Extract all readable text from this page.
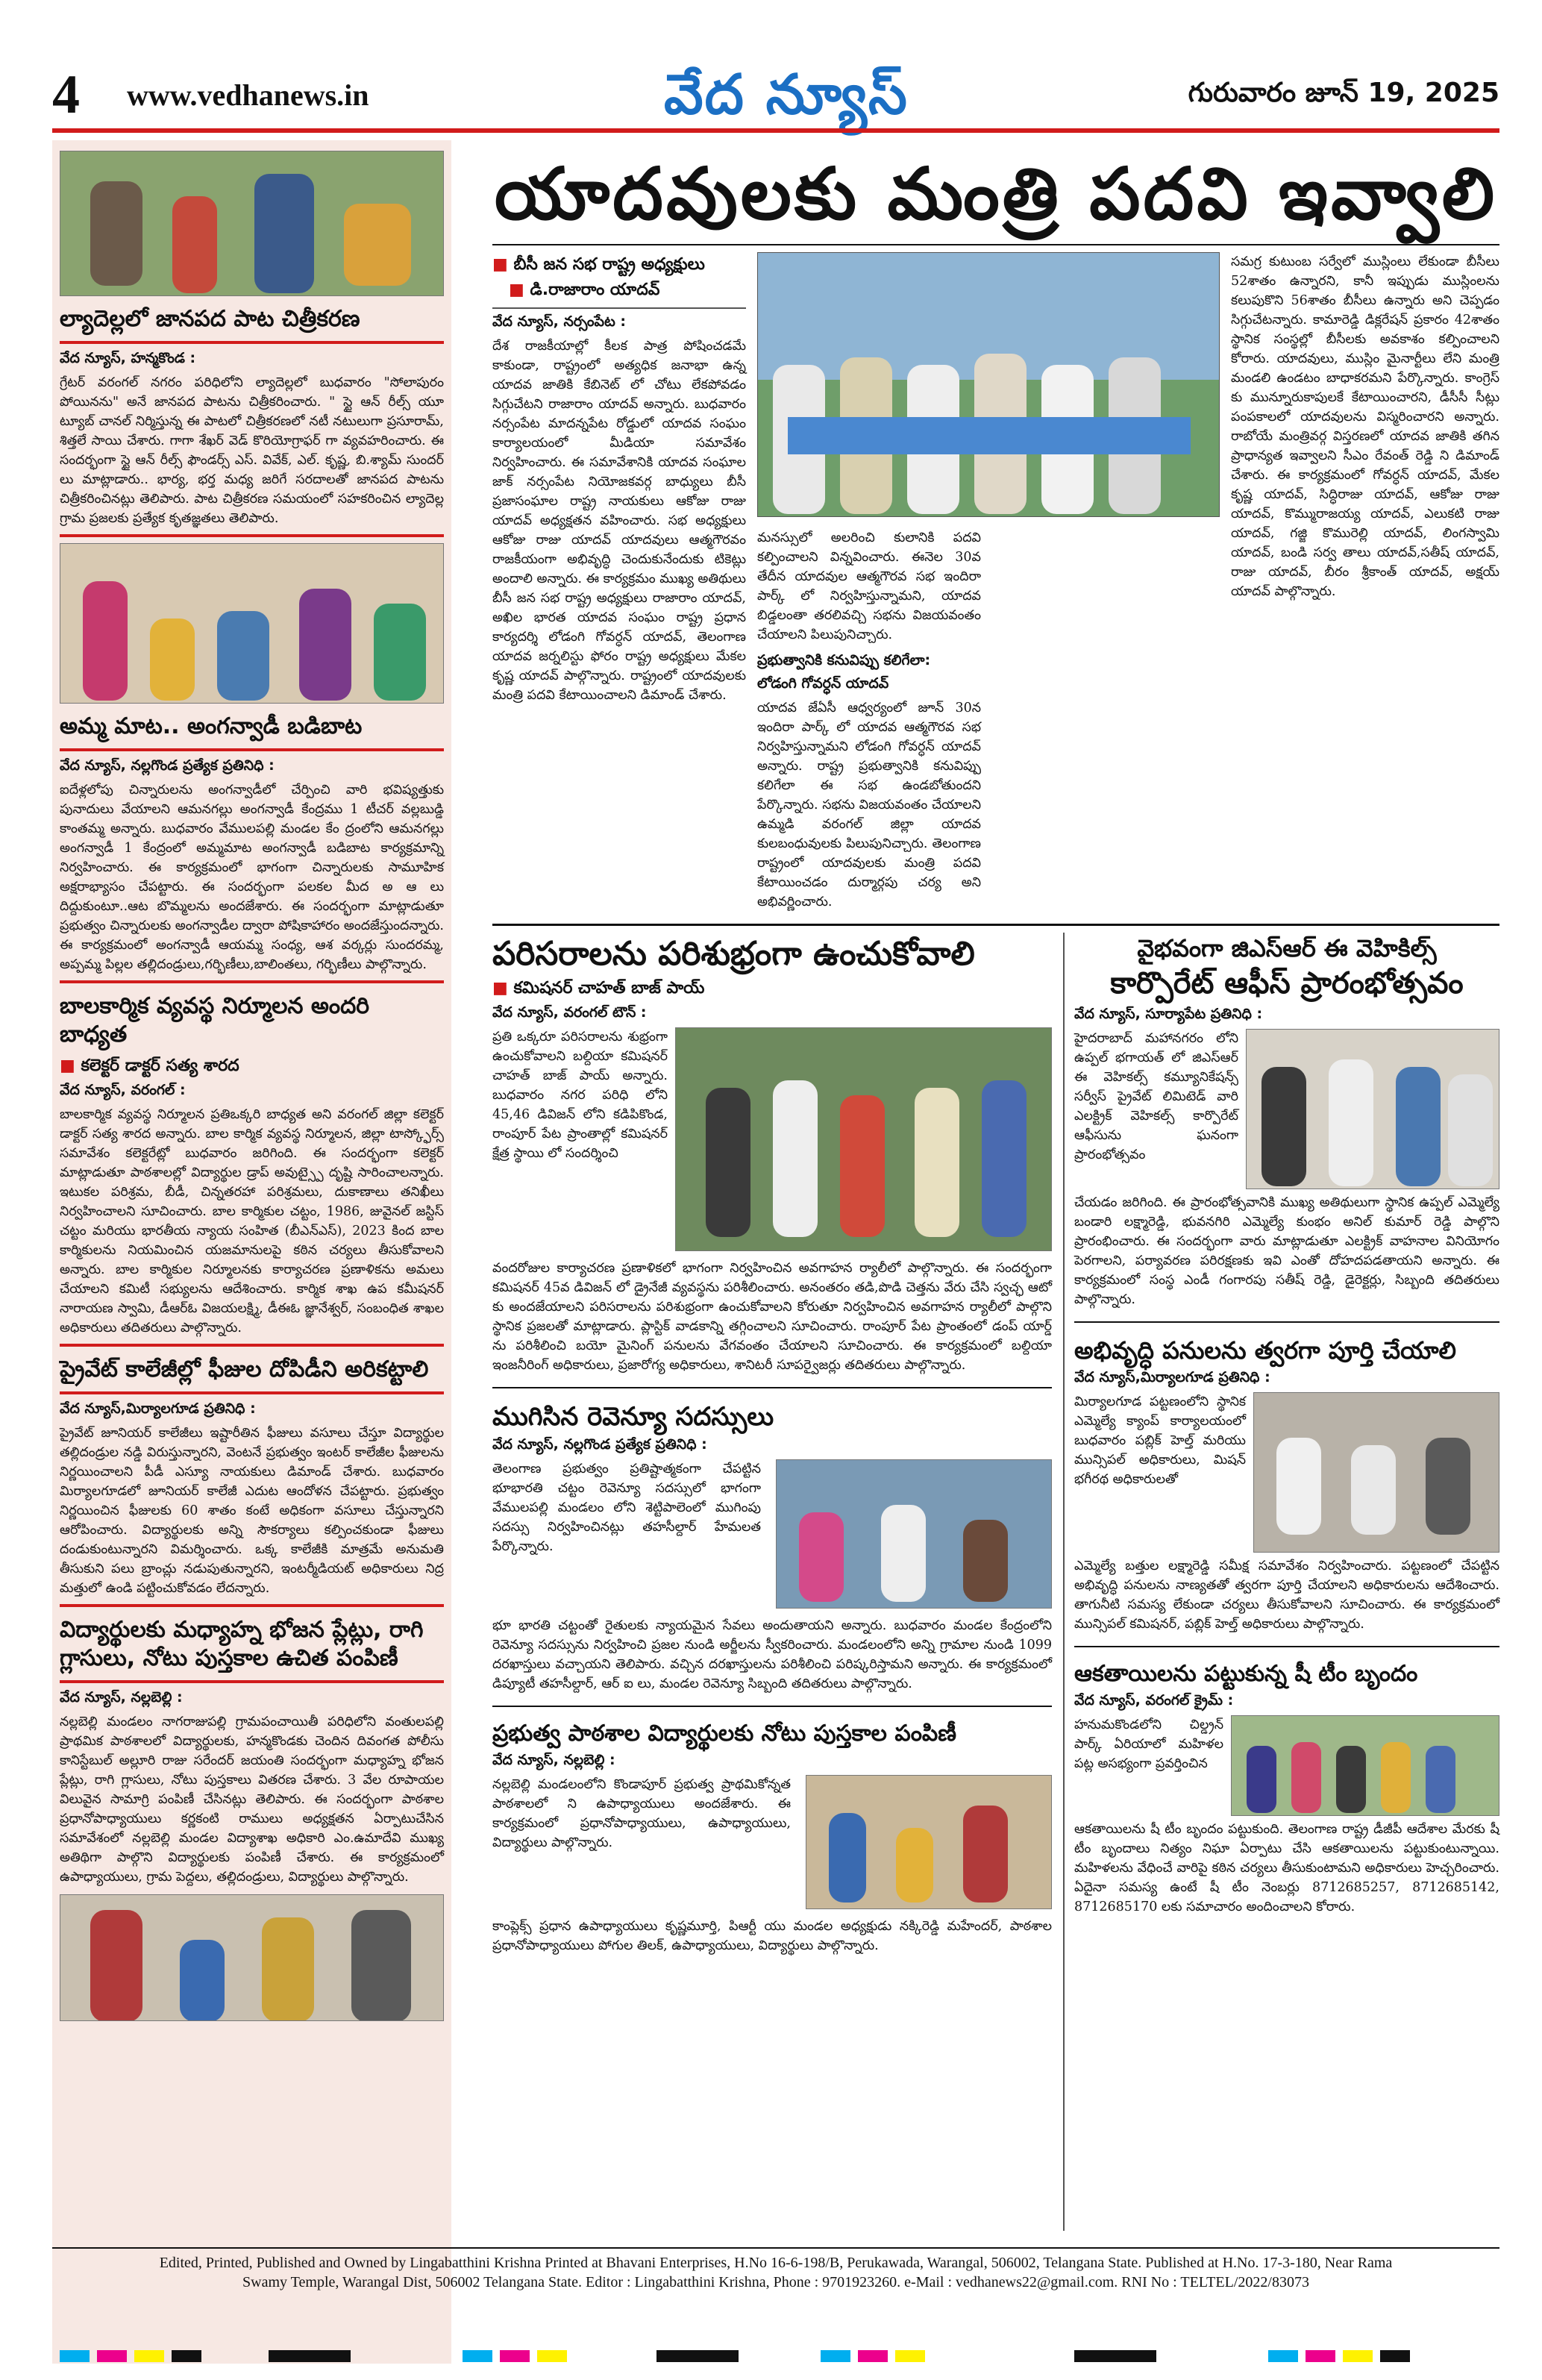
4 www.vedhanews.in	వేద న్యూస్	గురువారం జూన్ 19, 2025
ల్యాదెల్లలో జానపద పాట చిత్రీకరణ
వేద న్యూస్, హన్మకొండ :
గ్రేటర్ వరంగల్ నగరం పరిధిలోని ల్యాదెల్లలో బుధవారం "సోలాపురం పోయినను" అనే జానపద పాటను చిత్రీకరించారు. " స్టై ఆన్ రీల్స్ యూ ట్యూబ్ చానల్ నిర్మిస్తున్న ఈ పాటలో చిత్రీకరణలో నటీ నటులుగా ప్రసూరామ్, శిత్తలే సాయి చేశారు. గాగా శేఖర్ వెడ్ కొరియోగ్రాఫర్ గా వ్యవహరించారు. ఈ సందర్భంగా స్టై ఆన్ రీల్స్ ఫౌండర్స్ ఎస్. వివేక్, ఎల్. కృష్ణ, బి.శ్యామ్ సుందర్ లు మాట్లాడారు.. భార్య, భర్త మధ్య జరిగే సరదాలతో జానపద పాటను చిత్రీకరించినట్లు తెలిపారు. పాట చిత్రీకరణ సమయంలో సహకరించిన ల్యాదెల్ల గ్రామ ప్రజలకు ప్రత్యేక కృతజ్ఞతలు తెలిపారు.
అమ్మ మాట.. అంగన్వాడీ బడిబాట
వేద న్యూస్, నల్లగొండ ప్రత్యేక ప్రతినిధి :
ఐదేళ్లలోపు చిన్నారులను అంగన్వాడీలో చేర్పించి వారి భవిష్యత్తుకు పునాదులు వేయాలని ఆమనగల్లు అంగన్వాడీ కేంద్రము 1 టీచర్ వల్లబుడ్డి కాంతమ్మ అన్నారు. బుధవారం వేములపల్లి మండల కేం ద్రంలోని ఆమనగల్లు అంగన్వాడీ 1 కేంద్రంలో అమ్మమాట అంగన్వాడీ బడిబాట కార్యక్రమాన్ని నిర్వహించారు. ఈ కార్యక్రమంలో భాగంగా చిన్నారులకు సామూహిక అక్షరాభ్యాసం చేపట్టారు. ఈ సందర్భంగా పలకల మీద అ ఆ లు దిద్దుకుంటూ..ఆట బొమ్మలను అందజేశారు. ఈ సందర్భంగా మాట్లాడుతూ ప్రభుత్వం చిన్నారులకు అంగన్వాడీల ద్వారా పోషికాహారం అందజేస్తుందన్నారు. ఈ కార్యక్రమంలో అంగన్వాడీ ఆయమ్మ సంధ్య, ఆశ వర్కర్లు సుందరమ్మ, అప్పమ్మ పిల్లల తల్లిదండ్రులు,గర్భిణీలు,బాలింతలు, గర్భిణీలు పాల్గొన్నారు.
బాలకార్మిక వ్యవస్థ నిర్మూలన అందరి బాధ్యత
■ కలెక్టర్ డాక్టర్ సత్య శారద
వేద న్యూస్, వరంగల్ :
బాలకార్మిక వ్యవస్థ నిర్మూలన ప్రతిఒక్కరి బాధ్యత అని వరంగల్ జిల్లా కలెక్టర్ డాక్టర్ సత్య శారద అన్నారు. బాల కార్మిక వ్యవస్థ నిర్మూలన, జిల్లా టాస్క్ఫోర్స్ సమావేశం కలెక్టరేట్లో బుధవారం జరిగింది. ఈ సందర్భంగా కలెక్టర్ మాట్లాడుతూ పాఠశాలల్లో విద్యార్థుల డ్రాప్ అవుట్స్పై దృష్టి సారించాలన్నారు. ఇటుకల పరిశ్రమ, బీడీ, చిన్నతరహా పరిశ్రమలు, దుకాణాలు తనిఖీలు నిర్వహించాలని సూచించారు. బాల కార్మికుల చట్టం, 1986, జువైనల్ జస్టిస్ చట్టం మరియు భారతీయ న్యాయ సంహిత (బీఎన్ఎస్), 2023 కింద బాల కార్మికులను నియమించిన యజమానులపై కఠిన చర్యలు తీసుకోవాలని అన్నారు. బాల కార్మికుల నిర్మూలనకు కార్యాచరణ ప్రణాళికను అమలు చేయాలని కమిటీ సభ్యులను ఆదేశించారు. కార్మిక శాఖ ఉప కమీషనర్ నారాయణ స్వామి, డీఆర్ఓ విజయలక్ష్మి, డీఈఓ జ్ఞానేశ్వర్, సంబంధిత శాఖల అధికారులు తదితరులు పాల్గొన్నారు.
ప్రైవేట్ కాలేజీల్లో ఫీజుల దోపిడీని అరికట్టాలి
వేద న్యూస్,మిర్యాలగూడ ప్రతినిధి :
ప్రైవేట్ జూనియర్ కాలేజీలు ఇష్టారీతిన ఫీజులు వసూలు చేస్తూ విద్యార్థుల తల్లిదండ్రుల నడ్డి విరుస్తున్నారని, వెంటనే ప్రభుత్వం ఇంటర్ కాలేజీల ఫీజులను నిర్ణయించాలని పీడీ ఎస్యూ నాయకులు డిమాండ్ చేశారు. బుధవారం మిర్యాలగూడలో జూనియర్ కాలేజీ ఎదుట ఆందోళన చేపట్టారు. ప్రభుత్వం నిర్ణయించిన ఫీజులకు 60 శాతం కంటే అధికంగా వసూలు చేస్తున్నారని ఆరోపించారు. విద్యార్థులకు అన్ని సౌకర్యాలు కల్పించకుండా ఫీజులు దండుకుంటున్నారని విమర్శించారు. ఒక్క కాలేజీకి మాత్రమే అనుమతి తీసుకుని పలు బ్రాంచ్లు నడుపుతున్నారని, ఇంటర్మీడియట్ అధికారులు నిద్ర మత్తులో ఉండి పట్టించుకోవడం లేదన్నారు.
విద్యార్థులకు మధ్యాహ్న భోజన ప్లేట్లు, రాగి గ్లాసులు, నోటు పుస్తకాల ఉచిత పంపిణీ
వేద న్యూస్, నల్లబెల్లి :
నల్లబెల్లి మండలం నాగరాజుపల్లి గ్రామపంచాయితీ పరిధిలోని వంతులపల్లి ప్రాథమిక పాఠశాలలో విద్యార్థులకు, హన్మకొండకు చెందిన దివంగత పోలీసు కానిస్టేబుల్ అల్లూరి రాజు సరేందర్ జయంతి సందర్భంగా మధ్యాహ్న భోజన ప్లేట్లు, రాగి గ్లాసులు, నోటు పుస్తకాలు వితరణ చేశారు. 3 వేల రూపాయల విలువైన సామాగ్రి పంపిణీ చేసినట్లు తెలిపారు. ఈ సందర్భంగా పాఠశాల ప్రధానోపాధ్యాయులు కర్ణకంటి రాములు అధ్యక్షతన ఏర్పాటుచేసిన సమావేశంలో నల్లబెల్లి మండల విద్యాశాఖ అధికారి ఎం.ఉమాదేవి ముఖ్య అతిథిగా పాల్గొని విద్యార్థులకు పంపిణీ చేశారు. ఈ కార్యక్రమంలో ఉపాధ్యాయులు, గ్రామ పెద్దలు, తల్లిదండ్రులు, విద్యార్థులు పాల్గొన్నారు.
యాదవులకు మంత్రి పదవి ఇవ్వాలి
■ బీసీ జన సభ రాష్ట్ర అధ్యక్షులు
■ డి.రాజారాం యాదవ్
వేద న్యూస్, నర్సంపేట :
దేశ రాజకీయాల్లో కీలక పాత్ర పోషించడమే కాకుండా, రాష్ట్రంలో అత్యధిక జనాభా ఉన్న యాదవ జాతికి కేబినెట్ లో చోటు లేకపోవడం సిగ్గుచేటని రాజారాం యాదవ్ అన్నారు. బుధవారం నర్సంపేట మాదన్నపేట రోడ్డులో యాదవ సంఘం కార్యాలయంలో మీడియా సమావేశం నిర్వహించారు. ఈ సమావేశానికి యాదవ సంఘాల జాక్ నర్సంపేట నియోజకవర్గ బాధ్యులు బీసీ ప్రజాసంఘాల రాష్ట్ర నాయకులు ఆకోజు రాజు యాదవ్ అధ్యక్షతన వహించారు. సభ అధ్యక్షులు ఆకోజు రాజు యాదవ్ యాదవులు ఆత్మగౌరవం రాజకీయంగా అభివృద్ధి చెందుకునేందుకు టికెట్లు అందాలి అన్నారు. ఈ కార్యక్రమం ముఖ్య అతిథులు బీసీ జన సభ రాష్ట్ర అధ్యక్షులు రాజారాం యాదవ్, అఖిల భారత యాదవ సంఘం రాష్ట్ర ప్రధాన కార్యదర్శి లోడంగి గోవర్ధన్ యాదవ్, తెలంగాణ యాదవ జర్నలిస్టు ఫోరం రాష్ట్ర అధ్యక్షులు మేకల కృష్ణ యాదవ్ పాల్గొన్నారు. రాష్ట్రంలో యాదవులకు మంత్రి పదవి కేటాయించాలని డిమాండ్ చేశారు.
మనస్సులో అలరించి కులానికి పదవి కల్పించాలని విన్నవించారు. ఈనెల 30వ తేదీన యాదవుల ఆత్మగౌరవ సభ ఇందిరా పార్క్ లో నిర్వహిస్తున్నామని, యాదవ బిడ్డలంతా తరలివచ్చి సభను విజయవంతం చేయాలని పిలుపునిచ్చారు.
ప్రభుత్వానికి కనువిప్పు కలిగేలా:
లోడంగి గోవర్ధన్ యాదవ్
యాదవ జేఏసీ ఆధ్వర్యంలో జూన్ 30న ఇందిరా పార్క్ లో యాదవ ఆత్మగౌరవ సభ నిర్వహిస్తున్నామని లోడంగి గోవర్ధన్ యాదవ్ అన్నారు. రాష్ట్ర ప్రభుత్వానికి కనువిప్పు కలిగేలా ఈ సభ ఉండబోతుందని పేర్కొన్నారు. సభను విజయవంతం చేయాలని ఉమ్మడి వరంగల్ జిల్లా యాదవ కులబంధువులకు పిలుపునిచ్చారు. తెలంగాణ రాష్ట్రంలో యాదవులకు మంత్రి పదవి కేటాయించడం దుర్మార్గపు చర్య అని అభివర్ణించారు.
సమగ్ర కుటుంబ సర్వేలో ముస్లింలు లేకుండా బీసీలు 52శాతం ఉన్నారని, కానీ ఇప్పుడు ముస్లింలను కలుపుకొని 56శాతం బీసీలు ఉన్నారు అని చెప్పడం సిగ్గుచేటన్నారు. కామారెడ్డి డిక్లరేషన్ ప్రకారం 42శాతం స్థానిక సంస్థల్లో బీసీలకు అవకాశం కల్పించాలని కోరారు. యాదవులు, ముస్లిం మైనార్టీలు లేని మంత్రి మండలి ఉండటం బాధాకరమని పేర్కొన్నారు. కాంగ్రెస్ కు మున్నూరుకాపులకే కేటాయించారని, డీసీసీ సీట్లు పంపకాలలో యాదవులను విస్మరించారని అన్నారు. రాబోయే మంత్రివర్గ విస్తరణలో యాదవ జాతికి తగిన ప్రాధాన్యత ఇవ్వాలని సీఎం రేవంత్ రెడ్డి ని డిమాండ్ చేశారు. ఈ కార్యక్రమంలో గోవర్ధన్ యాదవ్, మేకల కృష్ణ యాదవ్, సిద్ధిరాజు యాదవ్, ఆకోజు రాజు యాదవ్, కొమ్మురాజయ్య యాదవ్, ఎలుకటి రాజు యాదవ్, గజ్జి కొమురెల్లి యాదవ్, లింగస్వామి యాదవ్, బండి సర్వ తాలు యాదవ్,సతీష్ యాదవ్, రాజు యాదవ్, బీరం శ్రీకాంత్ యాదవ్, అక్షయ్ యాదవ్ పాల్గొన్నారు.
పరిసరాలను పరిశుభ్రంగా ఉంచుకోవాలి
■ కమిషనర్ చాహత్ బాజ్ పాయ్
వేద న్యూస్, వరంగల్ టౌన్ :
ప్రతి ఒక్కరూ పరిసరాలను శుభ్రంగా ఉంచుకోవాలని బల్దియా కమిషనర్ చాహత్ బాజ్ పాయ్ అన్నారు. బుధవారం నగర పరిధి లోని 45,46 డివిజన్ లోని కడిపికొండ, రాంపూర్ పేట ప్రాంతాల్లో కమిషనర్ క్షేత్ర స్థాయి లో సందర్శించి
వందరోజుల కార్యాచరణ ప్రణాళికలో భాగంగా నిర్వహించిన అవగాహన ర్యాలీలో పాల్గొన్నారు. ఈ సందర్భంగా కమిషనర్ 45వ డివిజన్ లో డ్రైనేజీ వ్యవస్థను పరిశీలించారు. అనంతరం తడి,పొడి చెత్తను వేరు చేసి స్వచ్ఛ ఆటో కు అందజేయాలని పరిసరాలను పరిశుభ్రంగా ఉంచుకోవాలని కోరుతూ నిర్వహించిన అవగాహన ర్యాలీలో పాల్గొని స్థానిక ప్రజలతో మాట్లాడారు. ప్లాస్టిక్ వాడకాన్ని తగ్గించాలని సూచించారు. రాంపూర్ పేట ప్రాంతంలో డంప్ యార్డ్ ను పరిశీలించి బయో మైనింగ్ పనులను వేగవంతం చేయాలని సూచించారు. ఈ కార్యక్రమంలో బల్దియా ఇంజనీరింగ్ అధికారులు, ప్రజారోగ్య అధికారులు, శానిటరీ సూపర్వైజర్లు తదితరులు పాల్గొన్నారు.
ముగిసిన రెవెన్యూ సదస్సులు
వేద న్యూస్, నల్లగొండ ప్రత్యేక ప్రతినిధి :
తెలంగాణ ప్రభుత్వం ప్రతిష్టాత్మకంగా చేపట్టిన భూభారతి చట్టం రెవెన్యూ సదస్సులో భాగంగా వేములపల్లి మండలం లోని శెట్టిపాలెంలో ముగింపు సదస్సు నిర్వహించినట్లు తహసీల్దార్ హేమలత పేర్కొన్నారు.
భూ భారతి చట్టంతో రైతులకు న్యాయమైన సేవలు అందుతాయని అన్నారు. బుధవారం మండల కేంద్రంలోని రెవెన్యూ సదస్సును నిర్వహించి ప్రజల నుండి అర్జీలను స్వీకరించారు. మండలంలోని అన్ని గ్రామాల నుండి 1099 దరఖాస్తులు వచ్చాయని తెలిపారు. వచ్చిన దరఖాస్తులను పరిశీలించి పరిష్కరిస్తామని అన్నారు. ఈ కార్యక్రమంలో డిప్యూటీ తహసీల్దార్, ఆర్ ఐ లు, మండల రెవెన్యూ సిబ్బంది తదితరులు పాల్గొన్నారు.
ప్రభుత్వ పాఠశాల విద్యార్థులకు నోటు పుస్తకాల పంపిణీ
వేద న్యూస్, నల్లబెల్లి :
నల్లబెల్లి మండలంలోని కొండాపూర్ ప్రభుత్వ ప్రాథమికోన్నత పాఠశాలలో ని ఉపాధ్యాయులు అందజేశారు. ఈ కార్యక్రమంలో ప్రధానోపాధ్యాయులు, ఉపాధ్యాయులు, విద్యార్థులు పాల్గొన్నారు.
కాంప్లెక్స్ ప్రధాన ఉపాధ్యాయులు కృష్ణమూర్తి, పిఆర్టీ యు మండల అధ్యక్షుడు నక్కిరెడ్డి మహేందర్, పాఠశాల ప్రధానోపాధ్యాయులు పోగుల తిలక్, ఉపాధ్యాయులు, విద్యార్థులు పాల్గొన్నారు.
వైభవంగా జిఎస్ఆర్ ఈ వెహికిల్స్
కార్పొరేట్ ఆఫీస్ ప్రారంభోత్సవం
వేద న్యూస్, సూర్యాపేట ప్రతినిధి :
హైదరాబాద్ మహానగరం లోని ఉప్పల్ భగాయత్ లో జిఎస్ఆర్ ఈ వెహికల్స్ కమ్యూనికేషన్స్ సర్వీస్ ప్రైవేట్ లిమిటెడ్ వారి ఎలక్ట్రిక్ వెహికల్స్ కార్పొరేట్ ఆఫీసును ఘనంగా ప్రారంభోత్సవం
చేయడం జరిగింది. ఈ ప్రారంభోత్సవానికి ముఖ్య అతిథులుగా స్థానిక ఉప్పల్ ఎమ్మెల్యే బండారి లక్ష్మారెడ్డి, భువనగిరి ఎమ్మెల్యే కుంభం అనిల్ కుమార్ రెడ్డి పాల్గొని ప్రారంభించారు. ఈ సందర్భంగా వారు మాట్లాడుతూ ఎలక్ట్రిక్ వాహనాల వినియోగం పెరగాలని, పర్యావరణ పరిరక్షణకు ఇవి ఎంతో దోహదపడతాయని అన్నారు. ఈ కార్యక్రమంలో సంస్థ ఎండీ గంగారపు సతీష్ రెడ్డి, డైరెక్టర్లు, సిబ్బంది తదితరులు పాల్గొన్నారు.
అభివృద్ధి పనులను త్వరగా పూర్తి చేయాలి
వేద న్యూస్,మిర్యాలగూడ ప్రతినిధి :
మిర్యాలగూడ పట్టణంలోని స్థానిక ఎమ్మెల్యే క్యాంప్ కార్యాలయంలో బుధవారం పబ్లిక్ హెల్త్ మరియు మున్సిపల్ అధికారులు, మిషన్ భగీరథ అధికారులతో
ఎమ్మెల్యే బత్తుల లక్ష్మారెడ్డి సమీక్ష సమావేశం నిర్వహించారు. పట్టణంలో చేపట్టిన అభివృద్ధి పనులను నాణ్యతతో త్వరగా పూర్తి చేయాలని అధికారులను ఆదేశించారు. తాగునీటి సమస్య లేకుండా చర్యలు తీసుకోవాలని సూచించారు. ఈ కార్యక్రమంలో మున్సిపల్ కమిషనర్, పబ్లిక్ హెల్త్ అధికారులు పాల్గొన్నారు.
ఆకతాయిలను పట్టుకున్న షీ టీం బృందం
వేద న్యూస్, వరంగల్ క్రైమ్ :
హనుమకొండలోని చిల్డ్రన్ పార్క్ ఏరియాలో మహిళల పట్ల అసభ్యంగా ప్రవర్తించిన
ఆకతాయిలను షీ టీం బృందం పట్టుకుంది. తెలంగాణ రాష్ట్ర డీజీపీ ఆదేశాల మేరకు షీ టీం బృందాలు నిత్యం నిఘా ఏర్పాటు చేసి ఆకతాయిలను పట్టుకుంటున్నాయి. మహిళలను వేధించే వారిపై కఠిన చర్యలు తీసుకుంటామని అధికారులు హెచ్చరించారు. ఏదైనా సమస్య ఉంటే షీ టీం నెంబర్లు 8712685257, 8712685142, 8712685170 లకు సమాచారం అందించాలని కోరారు.
Edited, Printed, Published and Owned by Lingabatthini Krishna Printed at Bhavani Enterprises, H.No 16-6-198/B, Perukawada, Warangal, 506002, Telangana State. Published at H.No. 17-3-180, Near Rama
Swamy Temple, Warangal Dist, 506002 Telangana State. Editor : Lingabatthini Krishna, Phone : 9701923260. e-Mail : vedhanews22@gmail.com. RNI No : TELTEL/2022/83073
